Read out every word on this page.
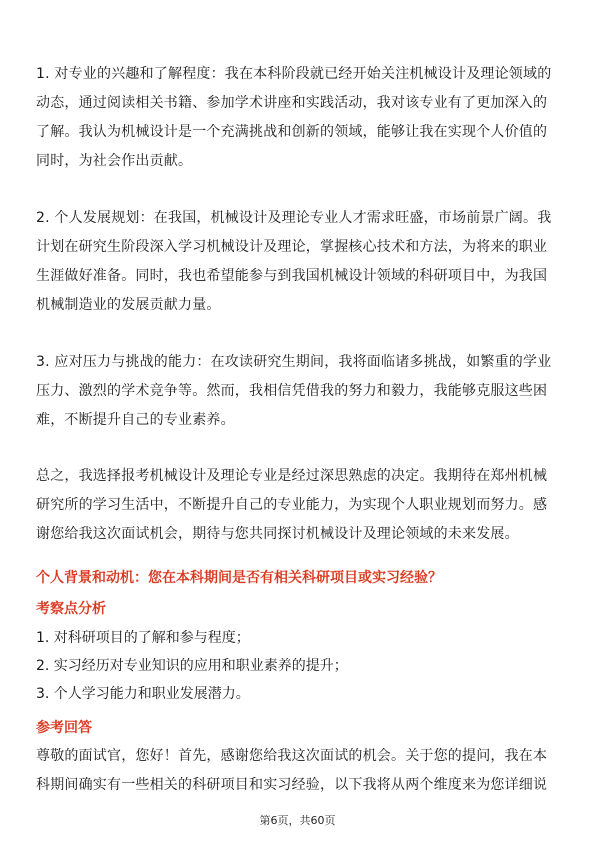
1. 对专业的兴趣和了解程度：我在本科阶段就已经开始关注机械设计及理论领域的

动态，通过阅读相关书籍、参加学术讲座和实践活动，我对该专业有了更加深入的

了解。我认为机械设计是一个充满挑战和创新的领域，能够让我在实现个人价值的

同时，为社会作出贡献。

2. 个人发展规划：在我国，机械设计及理论专业人才需求旺盛，市场前景广阔。我

计划在研究生阶段深入学习机械设计及理论，掌握核心技术和方法，为将来的职业

生涯做好准备。同时，我也希望能参与到我国机械设计领域的科研项目中，为我国

机械制造业的发展贡献力量。

3. 应对压力与挑战的能力：在攻读研究生期间，我将面临诸多挑战，如繁重的学业

压力、激烈的学术竞争等。然而，我相信凭借我的努力和毅力，我能够克服这些困

难，不断提升自己的专业素养。

总之，我选择报考机械设计及理论专业是经过深思熟虑的决定。我期待在郑州机械

研究所的学习生活中，不断提升自己的专业能力，为实现个人职业规划而努力。感

谢您给我这次面试机会，期待与您共同探讨机械设计及理论领域的未来发展。

个人背景和动机：您在本科期间是否有相关科研项目或实习经验？
考察点分析
1. 对科研项目的了解和参与程度；
2. 实习经历对专业知识的应用和职业素养的提升；
3. 个人学习能力和职业发展潜力。
参考回答

尊敬的面试官，您好！首先，感谢您给我这次面试的机会。关于您的提问，我在本

科期间确实有一些相关的科研项目和实习经验，以下我将从两个维度来为您详细说

第6页，共60页
